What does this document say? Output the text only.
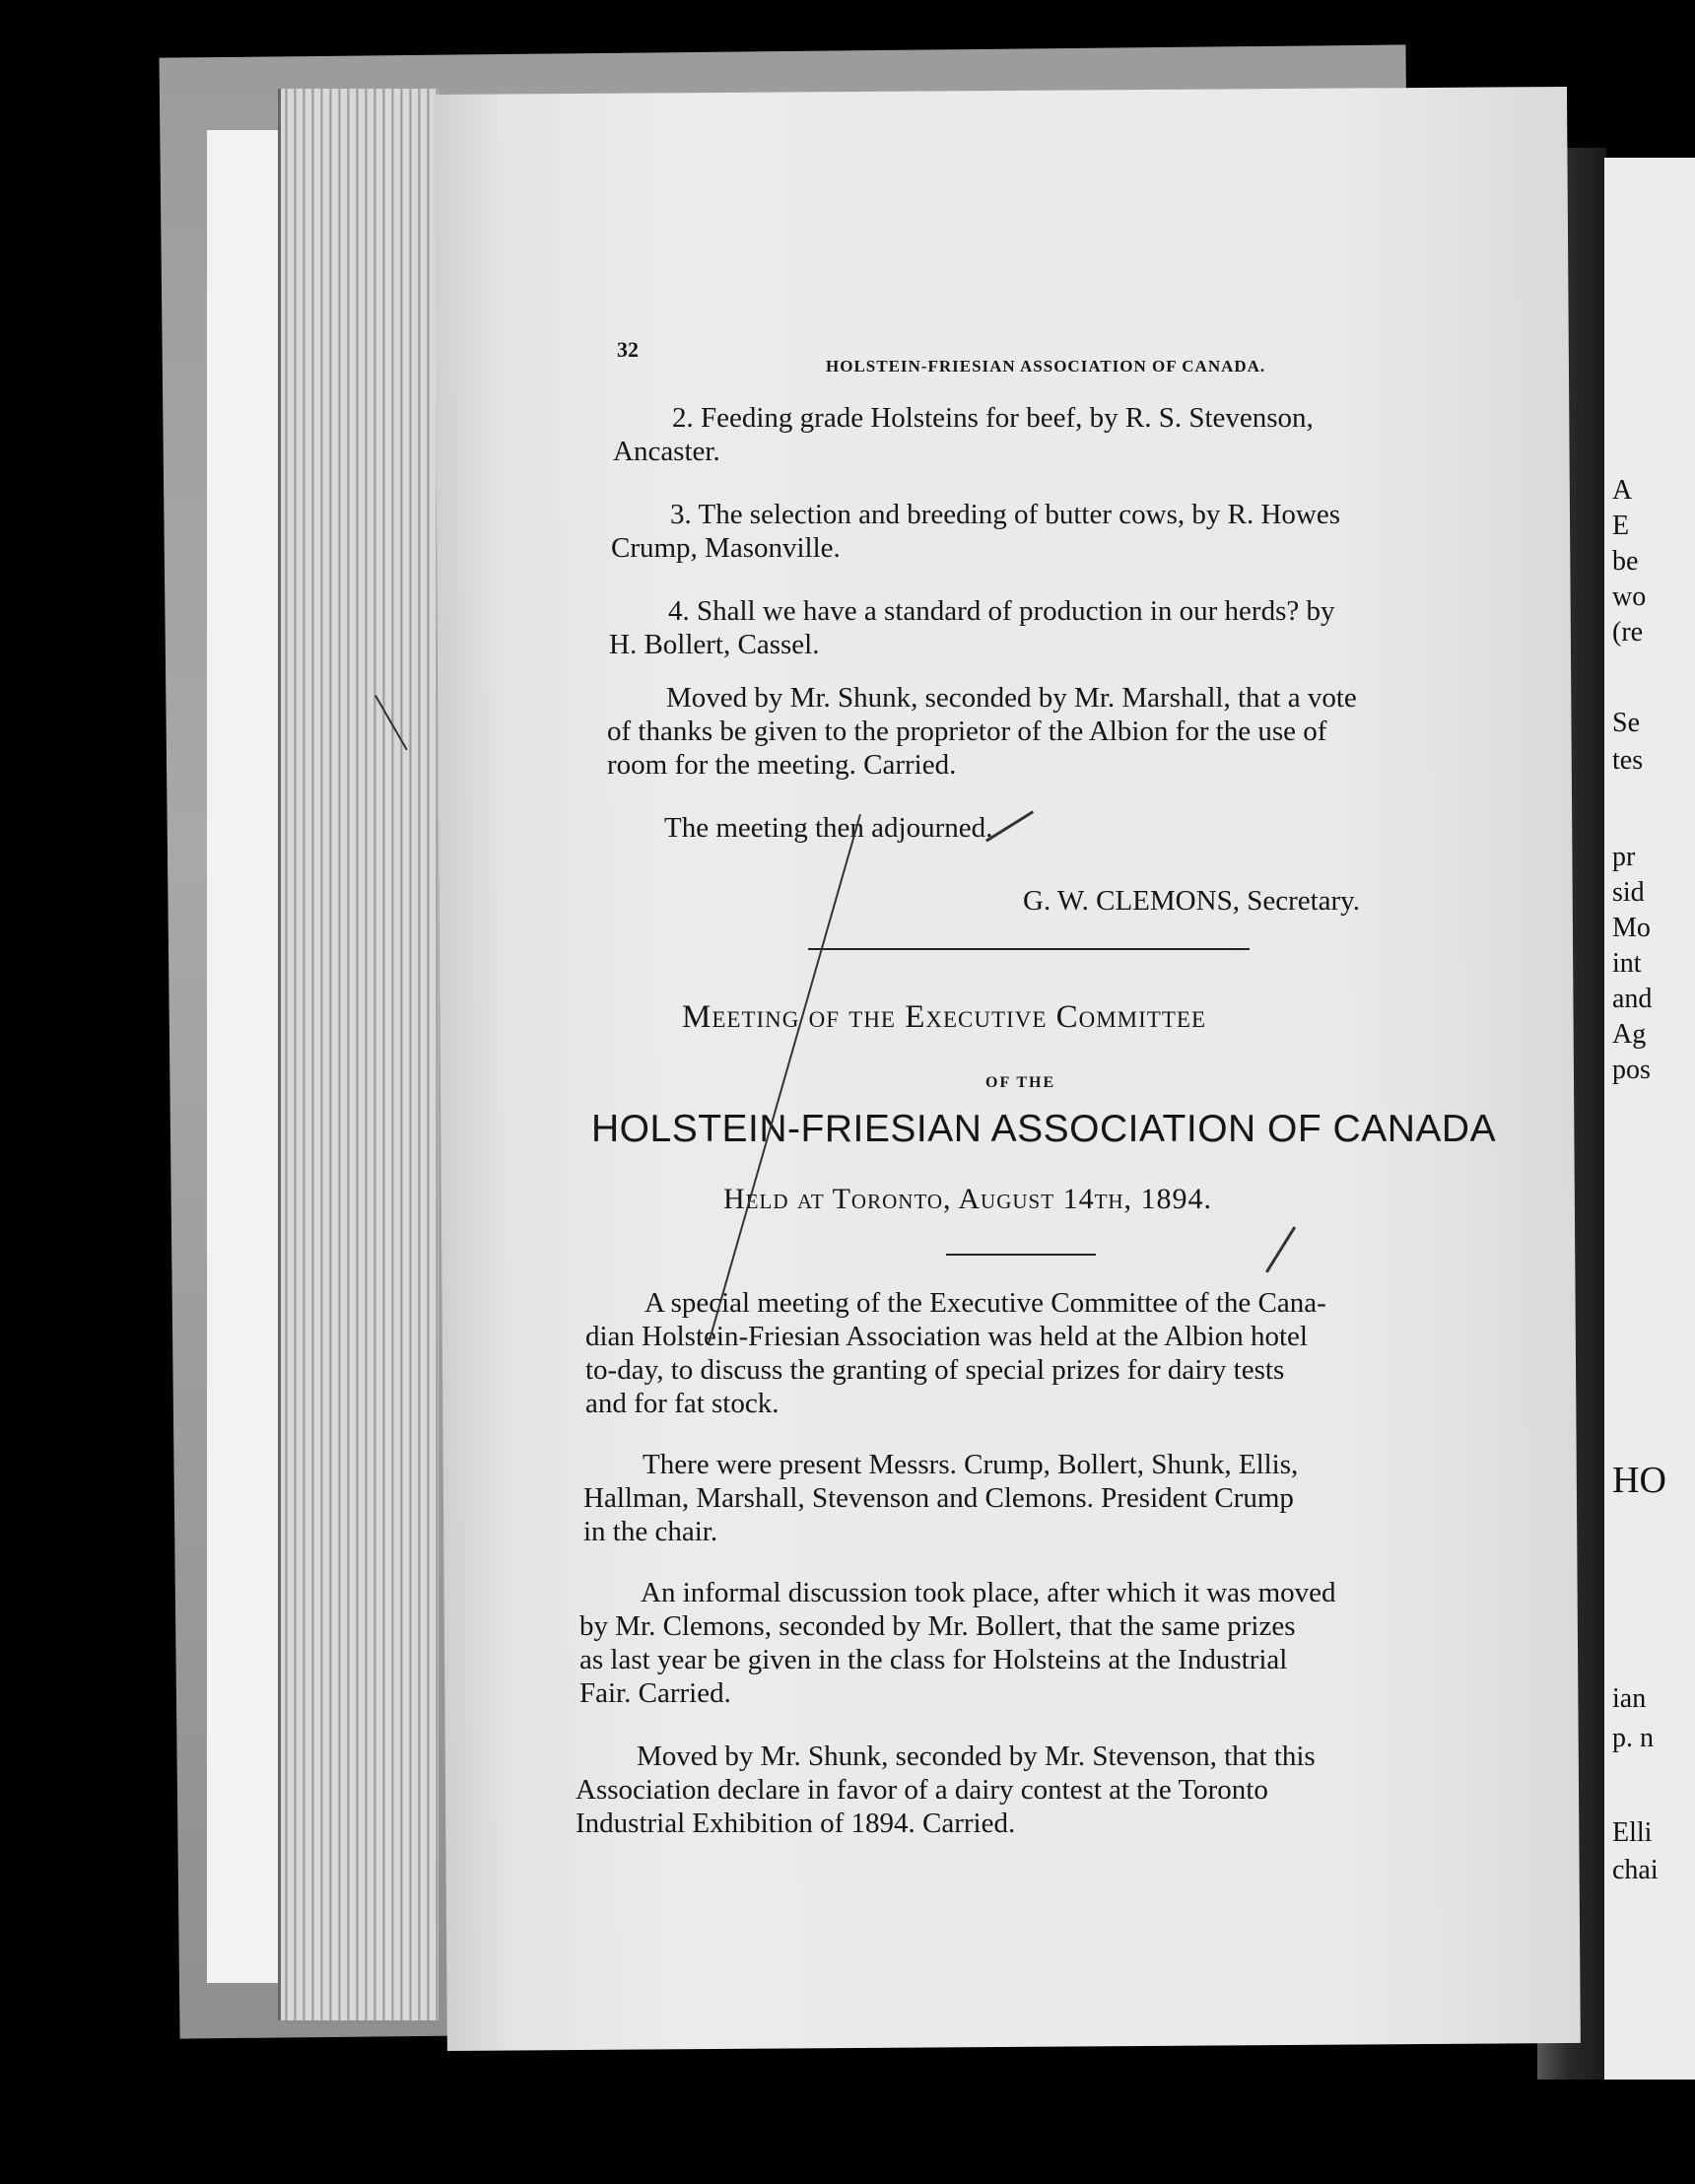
A
E
be
wo
(re
Se
tes
pr
sid
Mo
int
and
Ag
pos
HO
ian
p. n
Elli
chai
32
HOLSTEIN-FRIESIAN ASSOCIATION OF CANADA.
2. Feeding grade Holsteins for beef, by R. S. Stevenson,
Ancaster.
3. The selection and breeding of butter cows, by R. Howes
Crump, Masonville.
4. Shall we have a standard of production in our herds? by
H. Bollert, Cassel.
Moved by Mr. Shunk, seconded by Mr. Marshall, that a vote
of thanks be given to the proprietor of the Albion for the use of
room for the meeting. Carried.
The meeting then adjourned.
G. W. CLEMONS, Secretary.
Meeting of the Executive Committee
OF THE
HOLSTEIN-FRIESIAN ASSOCIATION OF CANADA
Held at Toronto, August 14th, 1894.
A special meeting of the Executive Committee of the Cana-
dian Holstein-Friesian Association was held at the Albion hotel
to-day, to discuss the granting of special prizes for dairy tests
and for fat stock.
There were present Messrs. Crump, Bollert, Shunk, Ellis,
Hallman, Marshall, Stevenson and Clemons. President Crump
in the chair.
An informal discussion took place, after which it was moved
by Mr. Clemons, seconded by Mr. Bollert, that the same prizes
as last year be given in the class for Holsteins at the Industrial
Fair. Carried.
Moved by Mr. Shunk, seconded by Mr. Stevenson, that this
Association declare in favor of a dairy contest at the Toronto
Industrial Exhibition of 1894. Carried.
